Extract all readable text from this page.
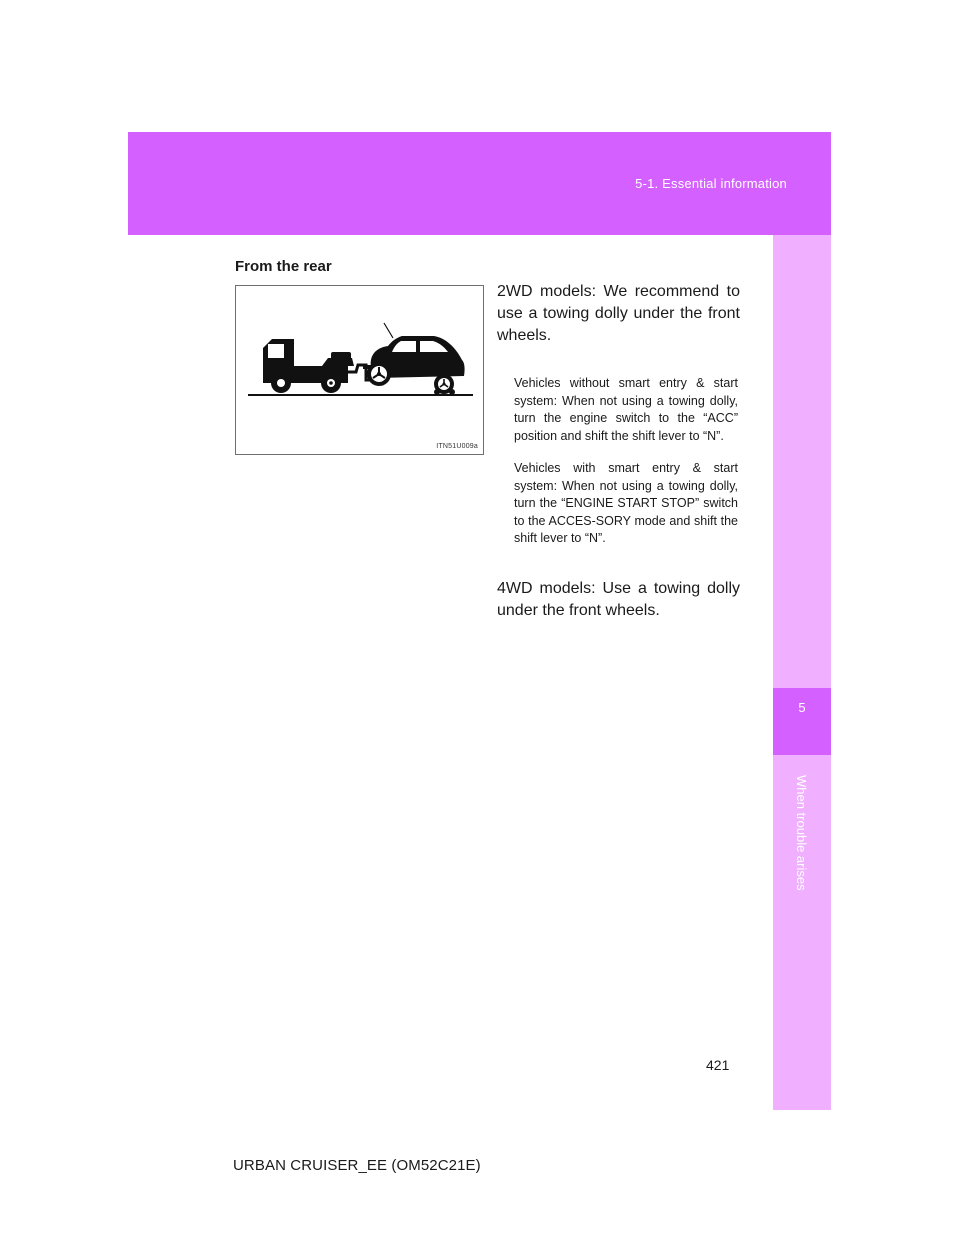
5-1. Essential information
5
When trouble arises
From the rear
ITN51U009a

2WD models: We recommend to use a towing dolly under the front wheels.

Vehicles without smart entry & start system: When not using a towing dolly, turn the engine switch to the “ACC” position and shift the shift lever to “N”.

Vehicles with smart entry & start system: When not using a towing dolly, turn the “ENGINE START STOP” switch to the ACCES-SORY mode and shift the shift lever to “N”.

4WD models: Use a towing dolly under the front wheels.

421
URBAN CRUISER_EE (OM52C21E)
